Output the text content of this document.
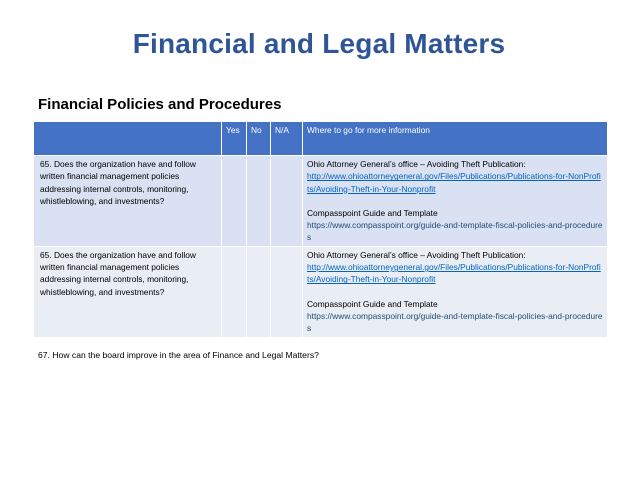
Financial and Legal Matters
Financial Policies and Procedures
	Yes	No	N/A	Where to go for more information
65. Does the organization have and follow written financial management policies addressing internal controls, monitoring, whistleblowing, and investments?				Ohio Attorney General’s office – Avoiding Theft Publication:
http://www.ohioattorneygeneral.gov/Files/Publications/Publications-for-NonProfits/Avoiding-Theft-in-Your-Nonprofit
Compasspoint Guide and Template
https://www.compasspoint.org/guide-and-template-fiscal-policies-and-procedures

65. Does the organization have and follow written financial management policies addressing internal controls, monitoring, whistleblowing, and investments?				Ohio Attorney General’s office – Avoiding Theft Publication:
http://www.ohioattorneygeneral.gov/Files/Publications/Publications-for-NonProfits/Avoiding-Theft-in-Your-Nonprofit
Compasspoint Guide and Template
https://www.compasspoint.org/guide-and-template-fiscal-policies-and-procedures
67. How can the board improve in the area of Finance and Legal Matters?
